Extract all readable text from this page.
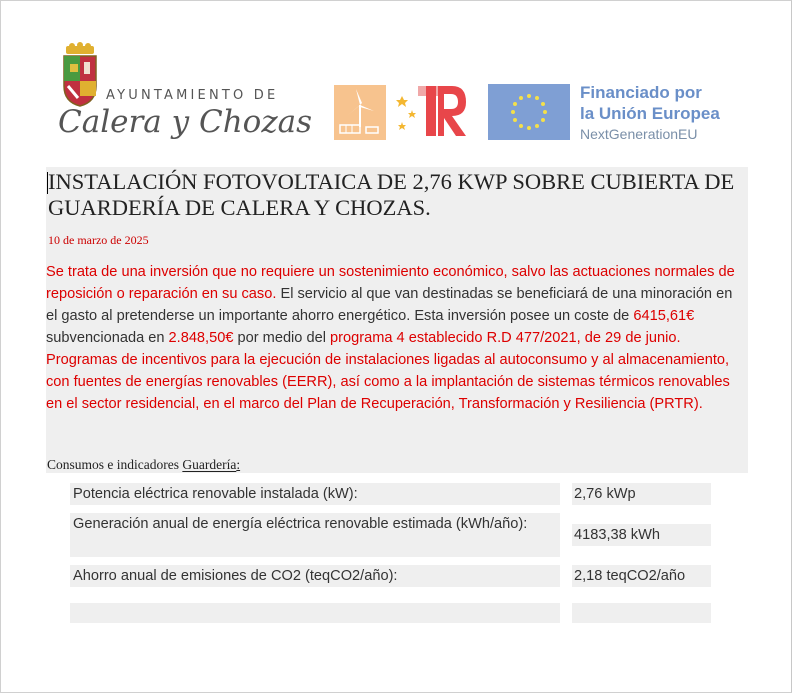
AYUNTAMIENTO DE
Calera y Chozas
Financiado por
la Unión Europea
NextGenerationEU
INSTALACIÓN FOTOVOLTAICA DE 2,76 KWP SOBRE CUBIERTA DE GUARDERÍA DE CALERA Y CHOZAS.
10 de marzo de 2025

Se trata de una inversión que no requiere un sostenimiento económico, salvo las actuaciones normales de reposición o reparación en su caso. El servicio al que van destinadas se beneficiará de una minoración en el gasto al pretenderse un importante ahorro energético. Esta inversión posee un coste de 6415,61€ subvencionada en 2.848,50€ por medio del programa 4 establecido R.D 477/2021, de 29 de junio. Programas de incentivos para la ejecución de instalaciones ligadas al autoconsumo y al almacenamiento, con fuentes de energías renovables (EERR), así como a la implantación de sistemas térmicos renovables en el sector residencial, en el marco del Plan de Recuperación, Transformación y Resiliencia (PRTR).

Consumos e indicadores Guardería:
Potencia eléctrica renovable instalada (kW):	2,76 kWp
Generación anual de energía eléctrica renovable estimada (kWh/año):
4183,38 kWh
Ahorro anual de emisiones de CO2 (teqCO2/año):	2,18 teqCO2/año
